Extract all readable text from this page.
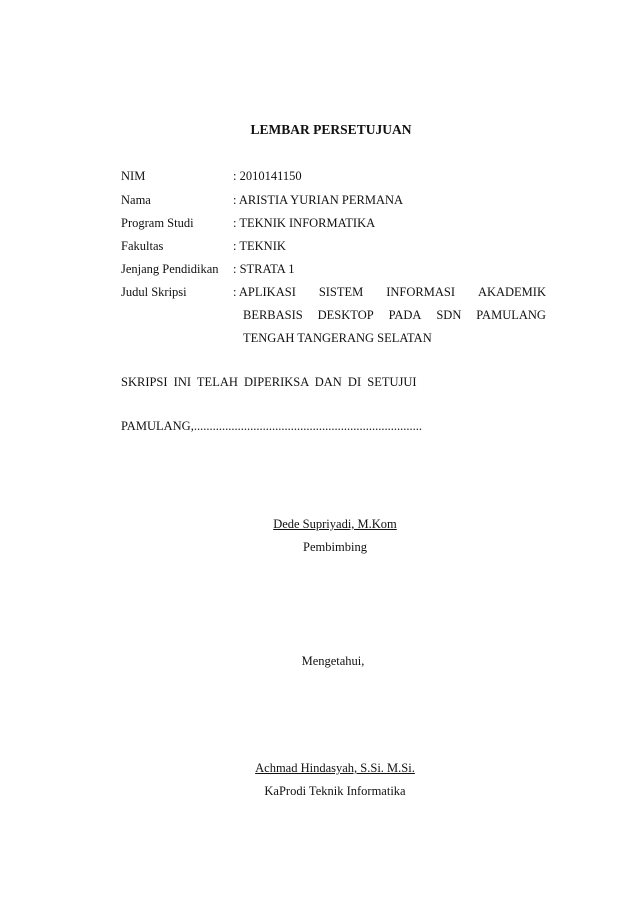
LEMBAR PERSETUJUAN
NIM	: 2010141150
Nama	: ARISTIA YURIAN PERMANA
Program Studi	: TEKNIK INFORMATIKA
Fakultas	: TEKNIK
Jenjang Pendidikan : STRATA 1
Judul Skripsi	: APLIKASI SISTEM INFORMASI AKADEMIK
BERBASIS DESKTOP PADA SDN PAMULANG
TENGAH TANGERANG SELATAN
SKRIPSI INI TELAH DIPERIKSA DAN DI SETUJUI
PAMULANG,.........................................................................
Dede Supriyadi, M.Kom
Pembimbing
Mengetahui,
Achmad Hindasyah, S.Si. M.Si.
KaProdi Teknik Informatika
